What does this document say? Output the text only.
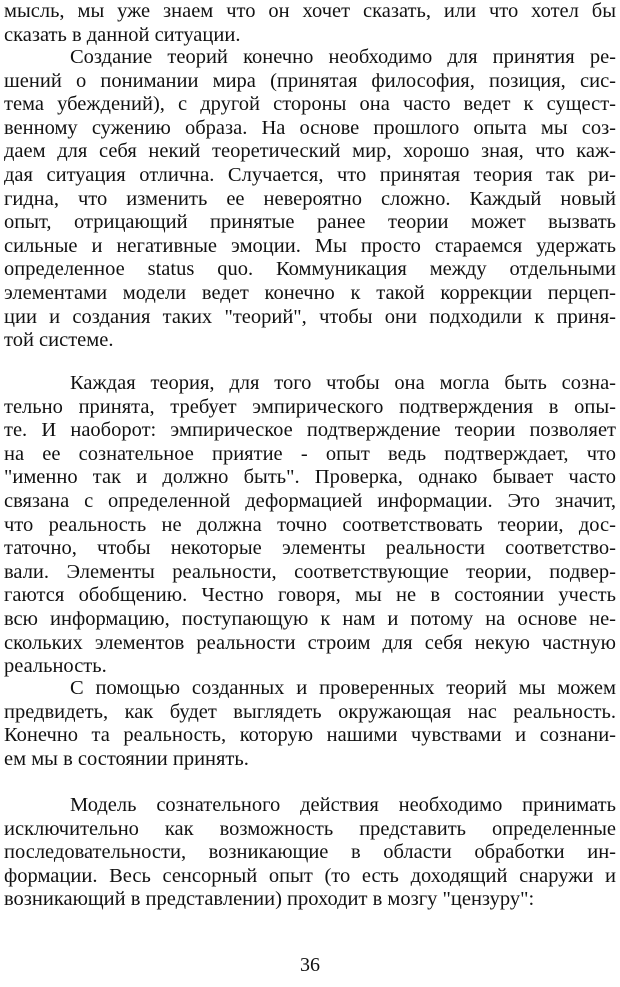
мысль, мы уже знаем что он хочет сказать, или что хотел бы
сказать в данной ситуации.
Создание теорий конечно необходимо для принятия ре-
шений о понимании мира (принятая философия, позиция, сис-
тема убеждений), с другой стороны она часто ведет к сущест-
венному сужению образа. На основе прошлого опыта мы соз-
даем для себя некий теоретический мир, хорошо зная, что каж-
дая ситуация отлична. Случается, что принятая теория так ри-
гидна, что изменить ее невероятно сложно. Каждый новый
опыт, отрицающий принятые ранее теории может вызвать
сильные и негативные эмоции. Мы просто стараемся удержать
определенное status quo. Коммуникация между отдельными
элементами модели ведет конечно к такой коррекции перцеп-
ции и создания таких "теорий", чтобы они подходили к приня-
той системе.
Каждая теория, для того чтобы она могла быть созна-
тельно принята, требует эмпирического подтверждения в опы-
те. И наоборот: эмпирическое подтверждение теории позволяет
на ее сознательное приятие - опыт ведь подтверждает, что
"именно так и должно быть". Проверка, однако бывает часто
связана с определенной деформацией информации. Это значит,
что реальность не должна точно соответствовать теории, дос-
таточно, чтобы некоторые элементы реальности соответство-
вали. Элементы реальности, соответствующие теории, подвер-
гаются обобщению. Честно говоря, мы не в состоянии учесть
всю информацию, поступающую к нам и потому на основе не-
скольких элементов реальности строим для себя некую частную
реальность.
С помощью созданных и проверенных теорий мы можем
предвидеть, как будет выглядеть окружающая нас реальность.
Конечно та реальность, которую нашими чувствами и сознани-
ем мы в состоянии принять.
Модель сознательного действия необходимо принимать
исключительно как возможность представить определенные
последовательности, возникающие в области обработки ин-
формации. Весь сенсорный опыт (то есть доходящий снаружи и
возникающий в представлении) проходит в мозгу "цензуру":
36
